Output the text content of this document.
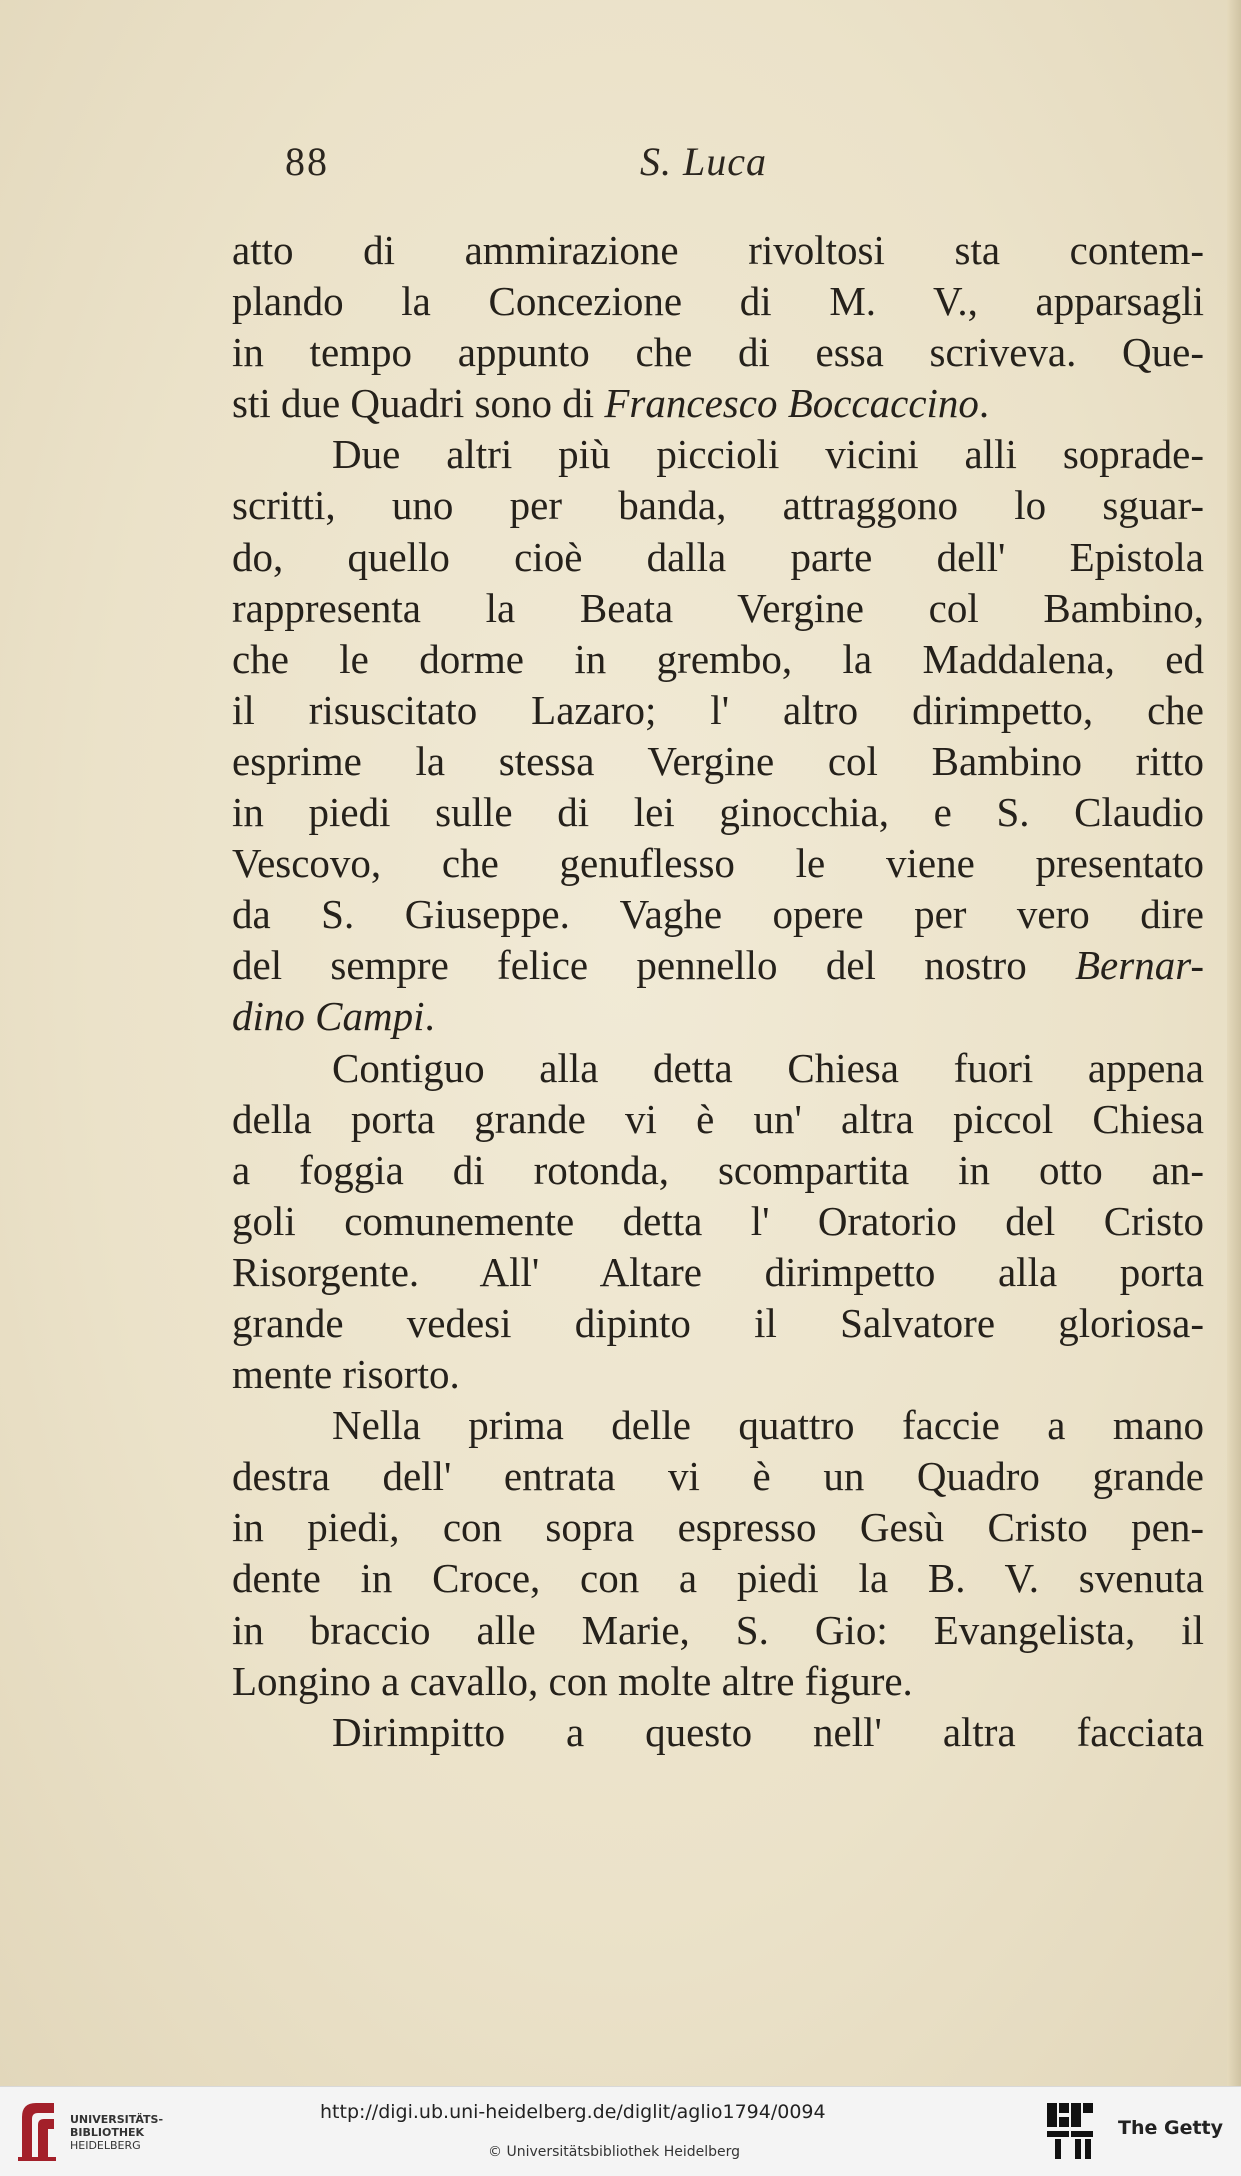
88	S. Luca
atto di ammirazione rivoltosi sta contem-
plando la Concezione di M. V., apparsagli
in tempo appunto che di essa scriveva. Que-
sti due Quadri sono di Francesco Boccaccino.
Due altri più piccioli vicini alli soprade-
scritti, uno per banda, attraggono lo sguar-
do, quello cioè dalla parte dell' Epistola
rappresenta la Beata Vergine col Bambino,
che le dorme in grembo, la Maddalena, ed
il risuscitato Lazaro; l' altro dirimpetto, che
esprime la stessa Vergine col Bambino ritto
in piedi sulle di lei ginocchia, e S. Claudio
Vescovo, che genuflesso le viene presentato
da S. Giuseppe. Vaghe opere per vero dire
del sempre felice pennello del nostro Bernar-
dino Campi.
Contiguo alla detta Chiesa fuori appena
della porta grande vi è un' altra piccol Chiesa
a foggia di rotonda, scompartita in otto an-
goli comunemente detta l' Oratorio del Cristo
Risorgente. All' Altare dirimpetto alla porta
grande vedesi dipinto il Salvatore gloriosa-
mente risorto.
Nella prima delle quattro faccie a mano
destra dell' entrata vi è un Quadro grande
in piedi, con sopra espresso Gesù Cristo pen-
dente in Croce, con a piedi la B. V. svenuta
in braccio alle Marie, S. Gio: Evangelista, il
Longino a cavallo, con molte altre figure.
Dirimpitto a questo nell' altra facciata
UNIVERSITÄTS-
BIBLIOTHEK
HEIDELBERG
http://digi.ub.uni-heidelberg.de/diglit/aglio1794/0094
© Universitätsbibliothek Heidelberg
The Getty
